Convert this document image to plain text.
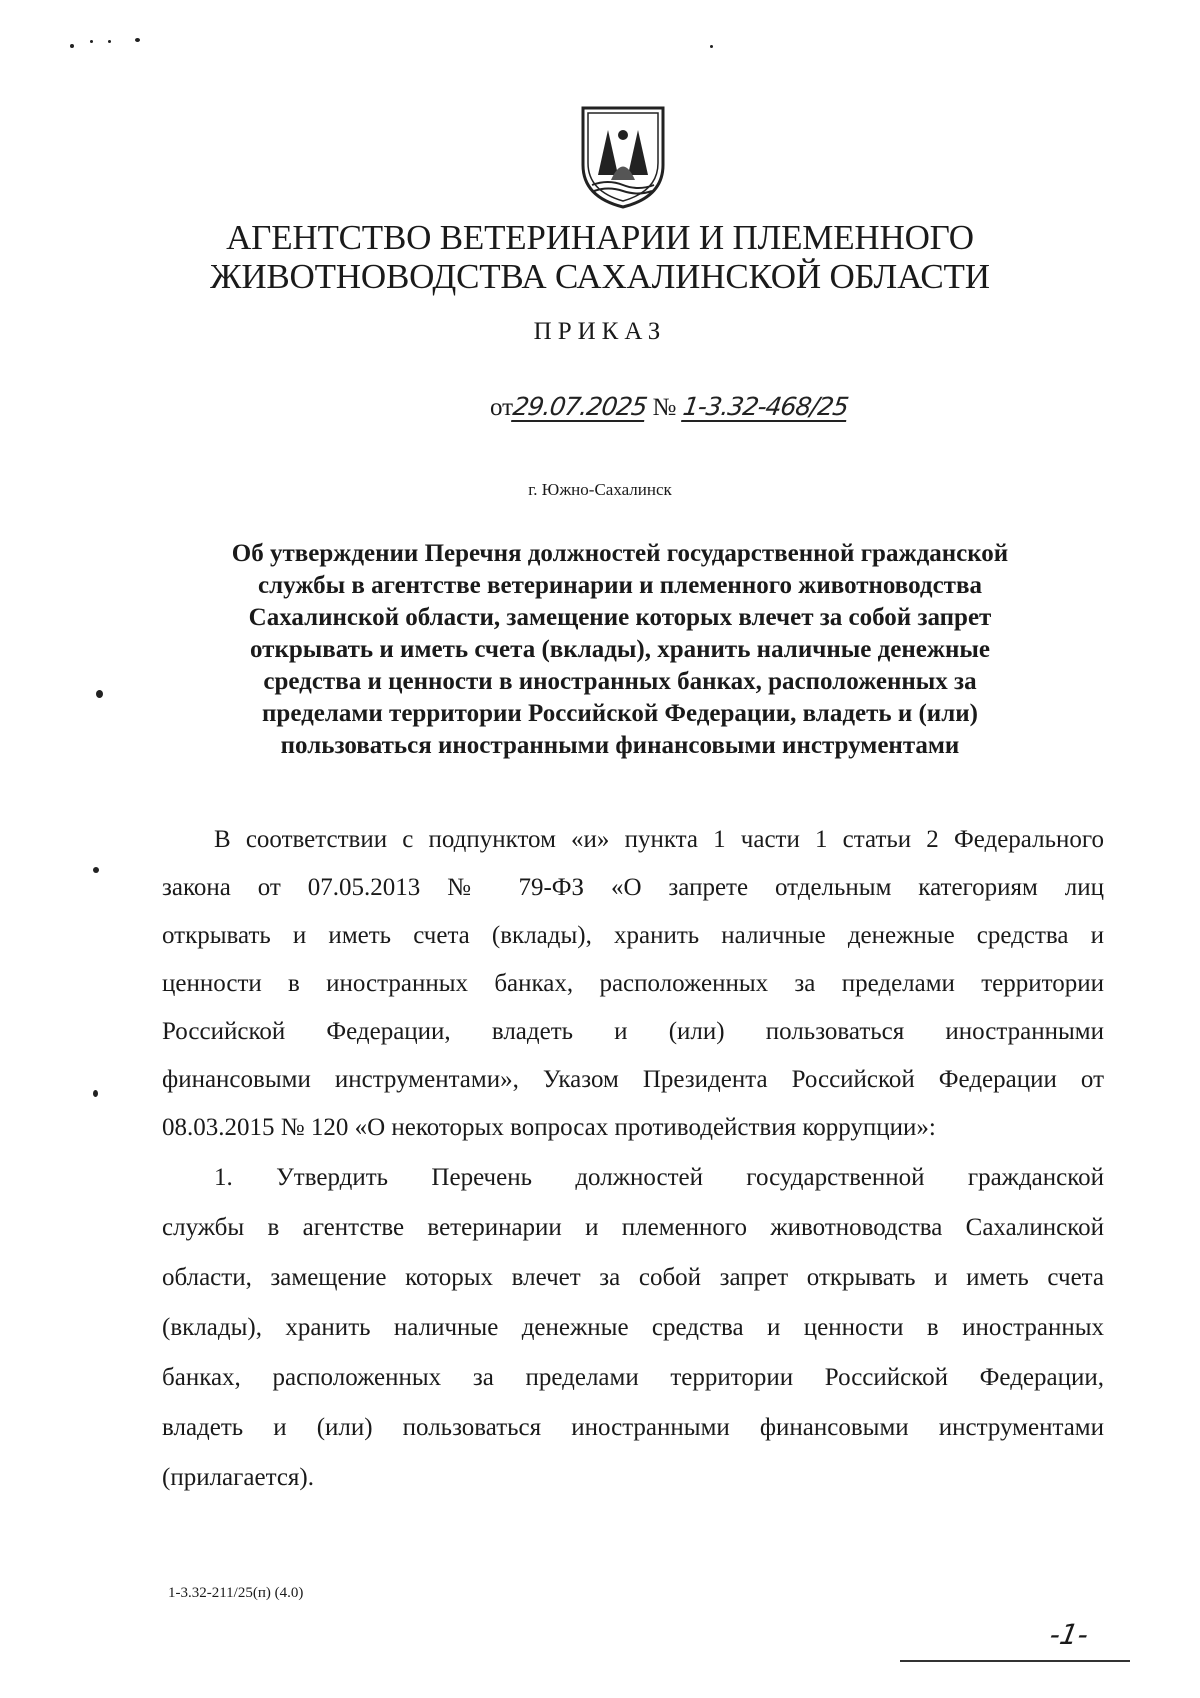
АГЕНТСТВО ВЕТЕРИНАРИИ И ПЛЕМЕННОГО
ЖИВОТНОВОДСТВА САХАЛИНСКОЙ ОБЛАСТИ
ПРИКАЗ
от29.07.2025 № 1-3.32-468/25
г. Южно-Сахалинск
Об утверждении Перечня должностей государственной гражданской
службы в агентстве ветеринарии и племенного животноводства
Сахалинской области, замещение которых влечет за собой запрет
открывать и иметь счета (вклады), хранить наличные денежные
средства и ценности в иностранных банках, расположенных за
пределами территории Российской Федерации, владеть и (или)
пользоваться иностранными финансовыми инструментами
В соответствии с подпунктом «и» пункта 1 части 1 статьи 2 Федерального
закона от 07.05.2013 № 79-ФЗ «О запрете отдельным категориям лиц
открывать и иметь счета (вклады), хранить наличные денежные средства и
ценности в иностранных банках, расположенных за пределами территории
Российской Федерации, владеть и (или) пользоваться иностранными
финансовыми инструментами», Указом Президента Российской Федерации от
08.03.2015 № 120 «О некоторых вопросах противодействия коррупции»:
1. Утвердить Перечень должностей государственной гражданской
службы в агентстве ветеринарии и племенного животноводства Сахалинской
области, замещение которых влечет за собой запрет открывать и иметь счета
(вклады), хранить наличные денежные средства и ценности в иностранных
банках, расположенных за пределами территории Российской Федерации,
владеть и (или) пользоваться иностранными финансовыми инструментами
(прилагается).
1-3.32-211/25(п) (4.0)
-1-
